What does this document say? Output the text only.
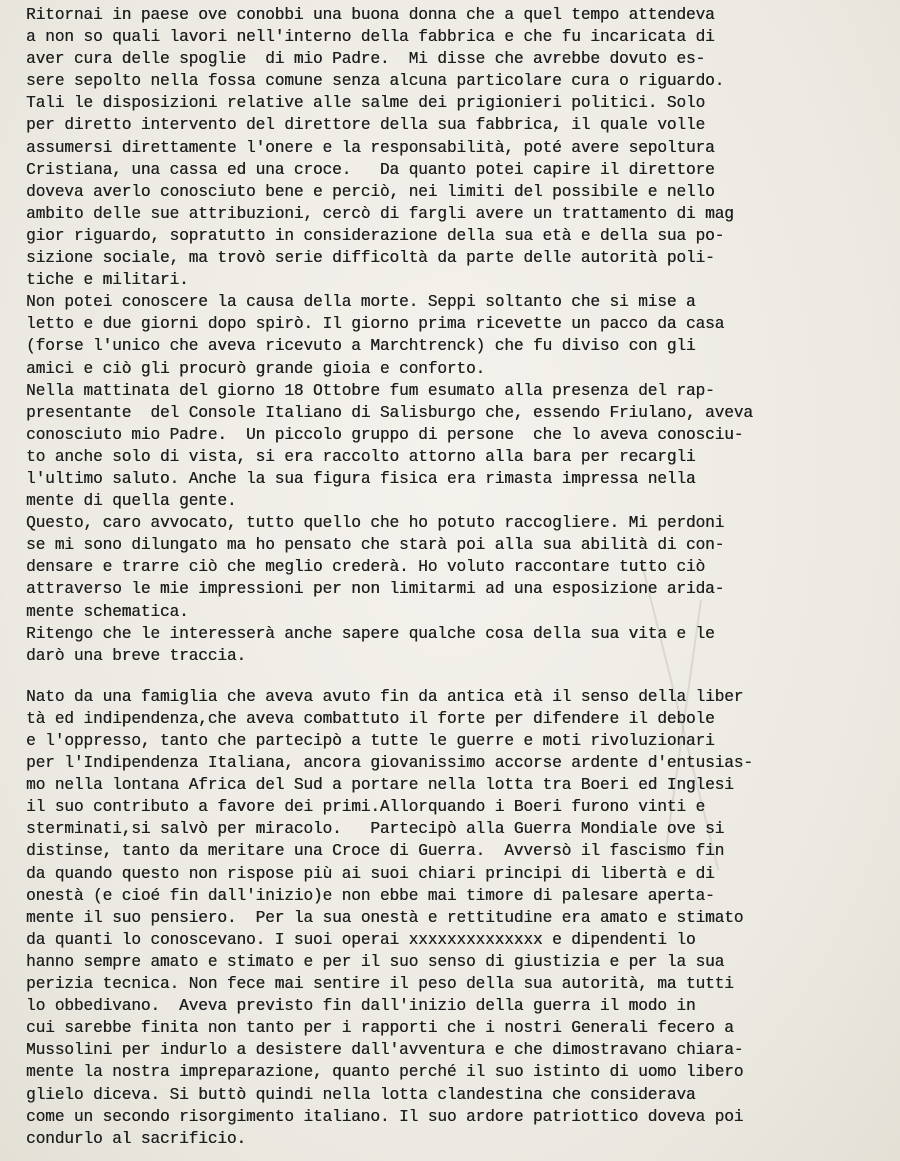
Ritornai in paese ove conobbi una buona donna che a quel tempo attendeva
a non so quali lavori nell'interno della fabbrica e che fu incaricata di
aver cura delle spoglie  di mio Padre.  Mi disse che avrebbe dovuto es-
sere sepolto nella fossa comune senza alcuna particolare cura o riguardo.
Tali le disposizioni relative alle salme dei prigionieri politici. Solo
per diretto intervento del direttore della sua fabbrica, il quale volle
assumersi direttamente l'onere e la responsabilità, poté avere sepoltura
Cristiana, una cassa ed una croce.   Da quanto potei capire il direttore
doveva averlo conosciuto bene e perciò, nei limiti del possibile e nello
ambito delle sue attribuzioni, cercò di fargli avere un trattamento di mag
gior riguardo, sopratutto in considerazione della sua età e della sua po-
sizione sociale, ma trovò serie difficoltà da parte delle autorità poli-
tiche e militari.
Non potei conoscere la causa della morte. Seppi soltanto che si mise a
letto e due giorni dopo spirò. Il giorno prima ricevette un pacco da casa
(forse l'unico che aveva ricevuto a Marchtrenck) che fu diviso con gli
amici e ciò gli procurò grande gioia e conforto.
Nella mattinata del giorno 18 Ottobre fum esumato alla presenza del rap-
presentante  del Console Italiano di Salisburgo che, essendo Friulano, aveva
conosciuto mio Padre.  Un piccolo gruppo di persone  che lo aveva conosciu-
to anche solo di vista, si era raccolto attorno alla bara per recargli
l'ultimo saluto. Anche la sua figura fisica era rimasta impressa nella
mente di quella gente.
Questo, caro avvocato, tutto quello che ho potuto raccogliere. Mi perdoni
se mi sono dilungato ma ho pensato che starà poi alla sua abilità di con-
densare e trarre ciò che meglio crederà. Ho voluto raccontare tutto ciò
attraverso le mie impressioni per non limitarmi ad una esposizione arida-
mente schematica.
Ritengo che le interesserà anche sapere qualche cosa della sua vita e le
darò una breve traccia.
Nato da una famiglia che aveva avuto fin da antica età il senso della liber
tà ed indipendenza,che aveva combattuto il forte per difendere il debole
e l'oppresso, tanto che partecipò a tutte le guerre e moti rivoluzionari
per l'Indipendenza Italiana, ancora giovanissimo accorse ardente d'entusias-
mo nella lontana Africa del Sud a portare nella lotta tra Boeri ed Inglesi
il suo contributo a favore dei primi.Allorquando i Boeri furono vinti e
sterminati,si salvò per miracolo.   Partecipò alla Guerra Mondiale ove si
distinse, tanto da meritare una Croce di Guerra.  Avversò il fascismo fin
da quando questo non rispose più ai suoi chiari principi di libertà e di
onestà (e cioé fin dall'inizio)e non ebbe mai timore di palesare aperta-
mente il suo pensiero.  Per la sua onestà e rettitudine era amato e stimato
da quanti lo conoscevano. I suoi operai xxxxxxxxxxxxxx e dipendenti lo
hanno sempre amato e stimato e per il suo senso di giustizia e per la sua
perizia tecnica. Non fece mai sentire il peso della sua autorità, ma tutti
lo obbedivano.  Aveva previsto fin dall'inizio della guerra il modo in
cui sarebbe finita non tanto per i rapporti che i nostri Generali fecero a
Mussolini per indurlo a desistere dall'avventura e che dimostravano chiara-
mente la nostra impreparazione, quanto perché il suo istinto di uomo libero
glielo diceva. Si buttò quindi nella lotta clandestina che considerava
come un secondo risorgimento italiano. Il suo ardore patriottico doveva poi
condurlo al sacrificio.
